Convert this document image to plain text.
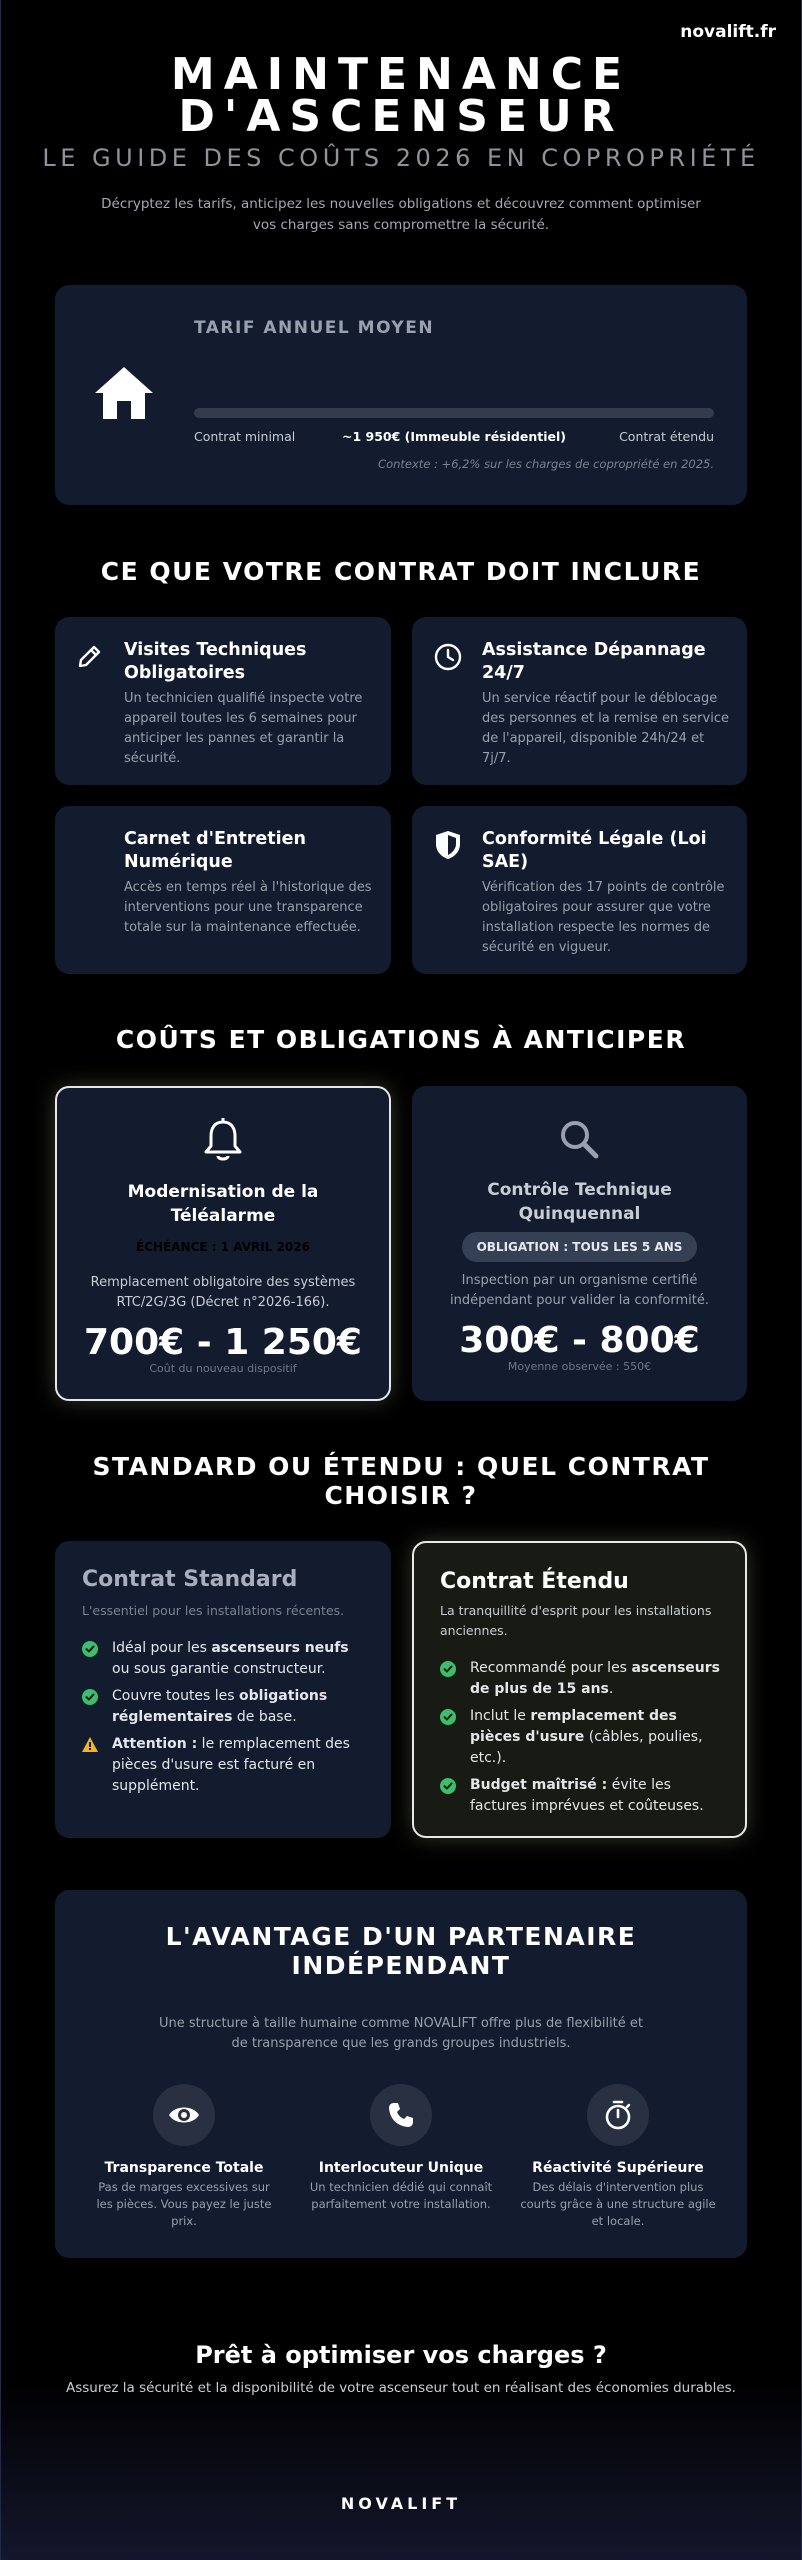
novalift.fr
MAINTENANCE
D'ASCENSEUR
LE GUIDE DES COÛTS 2026 EN COPROPRIÉTÉ
Décryptez les tarifs, anticipez les nouvelles obligations et découvrez comment optimiser vos charges sans compromettre la sécurité.
TARIF ANNUEL MOYEN
Contrat minimal	~1 950€ (Immeuble résidentiel)	Contrat étendu
Contexte : +6,2% sur les charges de copropriété en 2025.
CE QUE VOTRE CONTRAT DOIT INCLURE
Visites Techniques Obligatoires
Un technicien qualifié inspecte votre appareil toutes les 6 semaines pour anticiper les pannes et garantir la sécurité.
Assistance Dépannage 24/7
Un service réactif pour le déblocage des personnes et la remise en service de l'appareil, disponible 24h/24 et 7j/7.
Carnet d'Entretien Numérique
Accès en temps réel à l'historique des interventions pour une transparence totale sur la maintenance effectuée.
Conformité Légale (Loi SAE)
Vérification des 17 points de contrôle obligatoires pour assurer que votre installation respecte les normes de sécurité en vigueur.
COÛTS ET OBLIGATIONS À ANTICIPER
Modernisation de la Téléalarme
ÉCHÉANCE : 1 AVRIL 2026
Remplacement obligatoire des systèmes RTC/2G/3G (Décret n°2026-166).
700€ - 1 250€
Coût du nouveau dispositif
Contrôle Technique Quinquennal
OBLIGATION : TOUS LES 5 ANS
Inspection par un organisme certifié indépendant pour valider la conformité.
300€ - 800€
Moyenne observée : 550€
STANDARD OU ÉTENDU : QUEL CONTRAT
CHOISIR ?
Contrat Standard
L'essentiel pour les installations récentes.
Idéal pour les ascenseurs neufs ou sous garantie constructeur.
Couvre toutes les obligations réglementaires de base.
Attention : le remplacement des pièces d'usure est facturé en supplément.
Contrat Étendu
La tranquillité d'esprit pour les installations anciennes.
Recommandé pour les ascenseurs de plus de 15 ans.
Inclut le remplacement des pièces d'usure (câbles, poulies, etc.).
Budget maîtrisé : évite les factures imprévues et coûteuses.
L'AVANTAGE D'UN PARTENAIRE
INDÉPENDANT
Une structure à taille humaine comme NOVALIFT offre plus de flexibilité et de transparence que les grands groupes industriels.
Transparence Totale
Pas de marges excessives sur les pièces. Vous payez le juste prix.
Interlocuteur Unique
Un technicien dédié qui connaît parfaitement votre installation.
Réactivité Supérieure
Des délais d'intervention plus courts grâce à une structure agile et locale.
Prêt à optimiser vos charges ?
Assurez la sécurité et la disponibilité de votre ascenseur tout en réalisant des économies durables.
NOVALIFT
